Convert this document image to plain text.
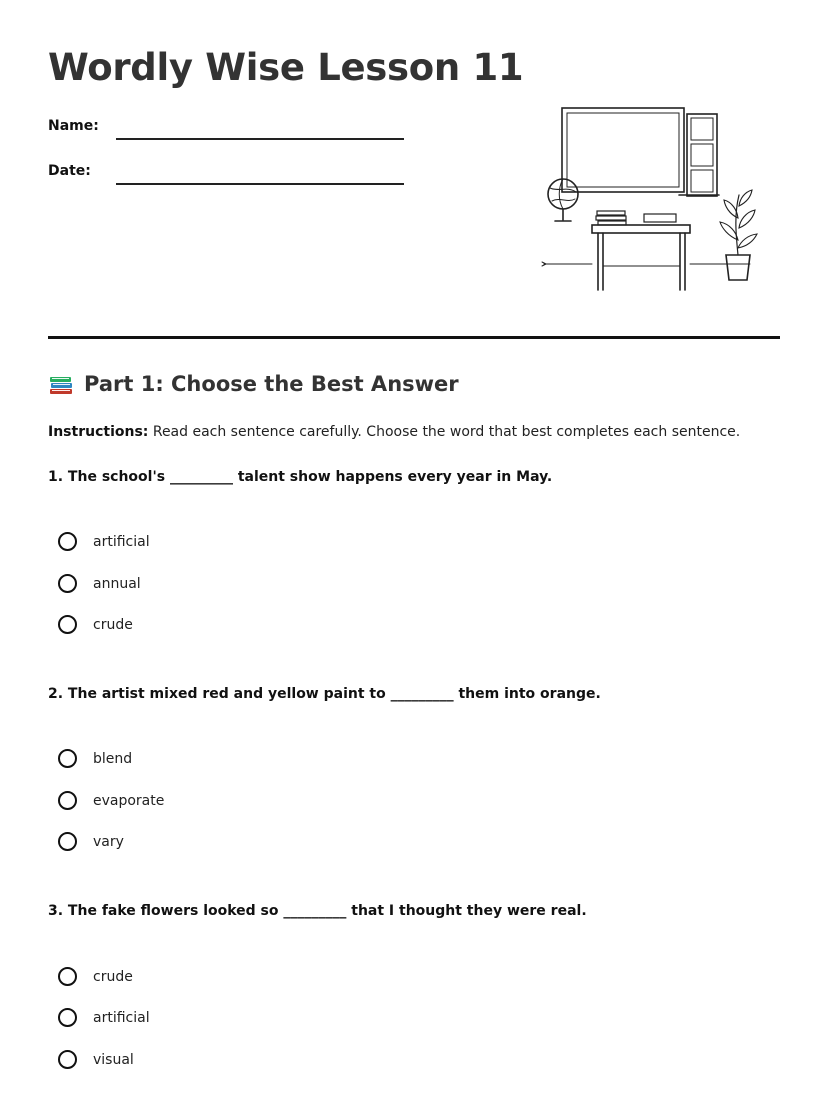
Wordly Wise Lesson 11
Name:
Date:
Part 1: Choose the Best Answer
Instructions: Read each sentence carefully. Choose the word that best completes each sentence.
1. The school's _________ talent show happens every year in May.
artificial
annual
crude
2. The artist mixed red and yellow paint to _________ them into orange.
blend
evaporate
vary
3. The fake flowers looked so _________ that I thought they were real.
crude
artificial
visual
